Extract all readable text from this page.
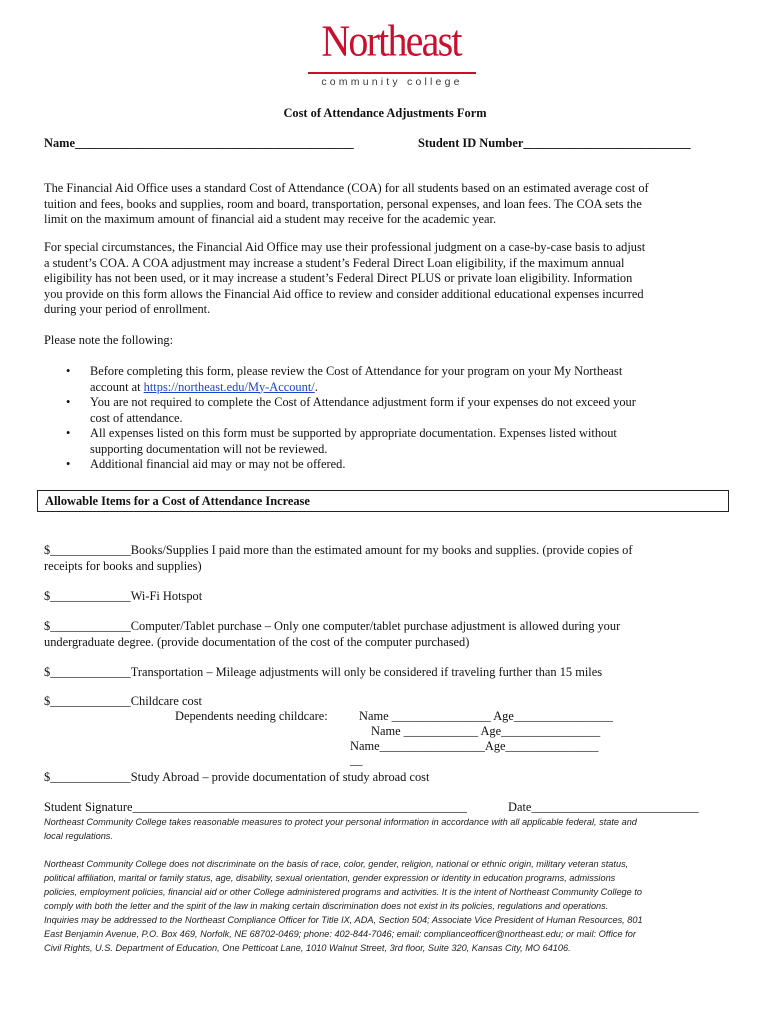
Northeast
community college
Cost of Attendance Adjustments Form
Name_____________________________________________	Student ID Number___________________________

The Financial Aid Office uses a standard Cost of Attendance (COA) for all students based on an estimated average cost of

tuition and fees, books and supplies, room and board, transportation, personal expenses, and loan fees. The COA sets the

limit on the maximum amount of financial aid a student may receive for the academic year.

For special circumstances, the Financial Aid Office may use their professional judgment on a case-by-case basis to adjust

a student’s COA. A COA adjustment may increase a student’s Federal Direct Loan eligibility, if the maximum annual

eligibility has not been used, or it may increase a student’s Federal Direct PLUS or private loan eligibility. Information

you provide on this form allows the Financial Aid office to review and consider additional educational expenses incurred

during your period of enrollment.

Please note the following:
• Before completing this form, please review the Cost of Attendance for your program on your My Northeast
account at https://northeast.edu/My-Account/.
• You are not required to complete the Cost of Attendance adjustment form if your expenses do not exceed your
cost of attendance.
• All expenses listed on this form must be supported by appropriate documentation. Expenses listed without
supporting documentation will not be reviewed.
• Additional financial aid may or may not be offered.
Allowable Items for a Cost of Attendance Increase

$_____________Books/Supplies I paid more than the estimated amount for my books and supplies. (provide copies of

receipts for books and supplies)

$_____________Wi-Fi Hotspot

$_____________Computer/Tablet purchase – Only one computer/tablet purchase adjustment is allowed during your

undergraduate degree. (provide documentation of the cost of the computer purchased)

$_____________Transportation – Mileage adjustments will only be considered if traveling further than 15 miles
$_____________Childcare cost
Dependents needing childcare:	Name ________________ Age________________
Name ____________ Age________________
Name_________________Age_______________
__
$_____________Study Abroad – provide documentation of study abroad cost
Student Signature______________________________________________________	Date___________________________
Northeast Community College takes reasonable measures to protect your personal information in accordance with all applicable federal, state and
local regulations.
Northeast Community College does not discriminate on the basis of race, color, gender, religion, national or ethnic origin, military veteran status,
political affiliation, marital or family status, age, disability, sexual orientation, gender expression or identity in education programs, admissions
policies, employment policies, financial aid or other College administered programs and activities. It is the intent of Northeast Community College to
comply with both the letter and the spirit of the law in making certain discrimination does not exist in its policies, regulations and operations.
Inquiries may be addressed to the Northeast Compliance Officer for Title IX, ADA, Section 504; Associate Vice President of Human Resources, 801
East Benjamin Avenue, P.O. Box 469, Norfolk, NE 68702-0469; phone: 402-844-7046; email: complianceofficer@northeast.edu; or mail: Office for
Civil Rights, U.S. Department of Education, One Petticoat Lane, 1010 Walnut Street, 3rd floor, Suite 320, Kansas City, MO 64106.
